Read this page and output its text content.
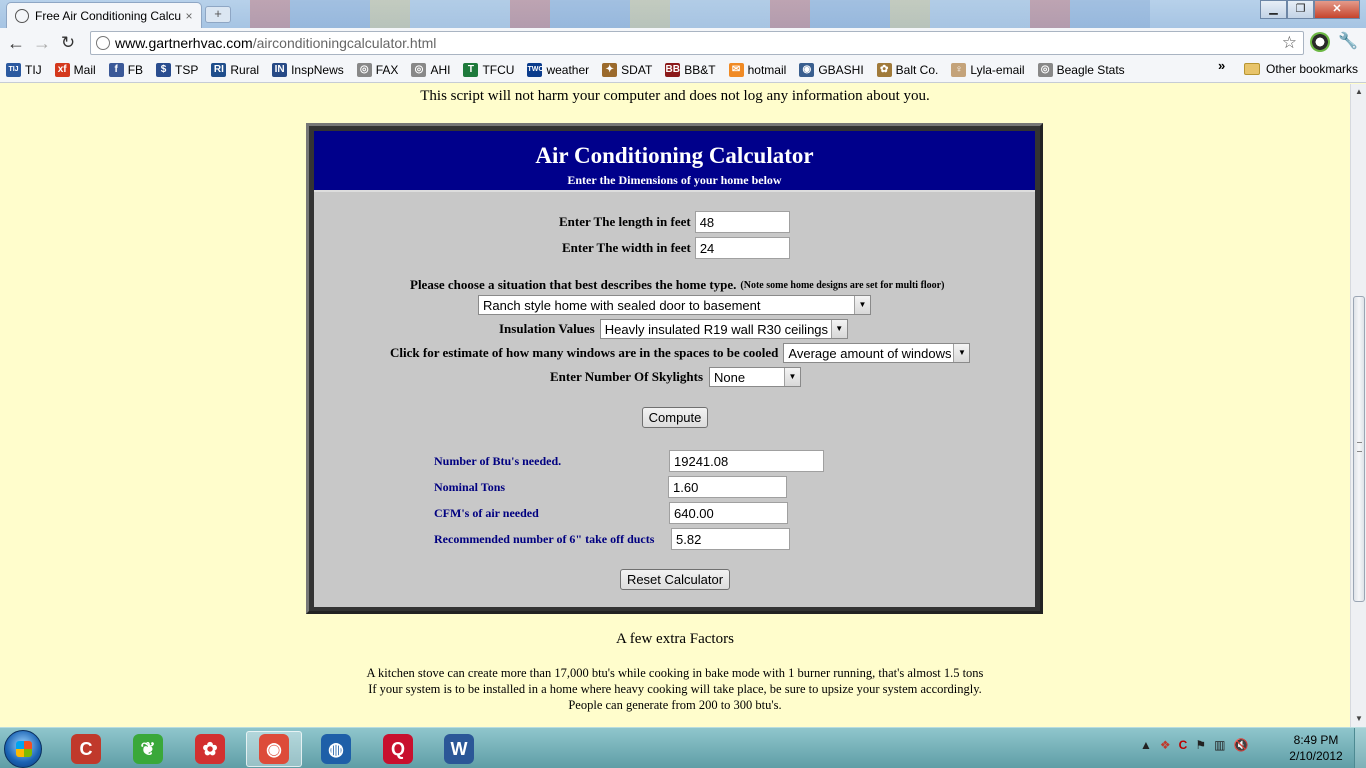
Free Air Conditioning Calcu ×	+	▁	❐	✕
← → ↻	www.gartnerhvac.com /airconditioningcalculator.html	☆	🔧
TIJ TIJ	xf Mail	f FB	$ TSP RI Rural IN InspNews	◎ FAX	◎ AHI	T TFCU TWC weather	✦ SDAT BB BB&T	✉ hotmail	◉ GBASHI	✿ Balt Co.	♀ Lyla-email	◎ Beagle Stats	»	Other bookmarks
This script will not harm your computer and does not log any information about you.
Air Conditioning Calculator
Enter the Dimensions of your home below
Enter The length in feet 48
Enter The width in feet 24
Please choose a situation that best describes the home type. (Note some home designs are set for multi floor)
Ranch style home with sealed door to basement	▼
Insulation Values Heavly insulated R19 wall R30 ceilings ▼
Click for estimate of how many windows are in the spaces to be cooled Average amount of windows ▼
Enter Number Of Skylights None	▼
Compute
Number of Btu's needed.	19241.08
Nominal Tons	1.60
CFM's of air needed	640.00
Recommended number of 6" take off ducts	5.82
Reset Calculator
A few extra Factors
A kitchen stove can create more than 17,000 btu's while cooking in bake mode with 1 burner running, that's almost 1.5 tons
If your system is to be installed in a home where heavy cooking will take place, be sure to upsize your system accordingly.
People can generate from 200 to 300 btu's.
▲
▼
▲ ❖ C ⚑ ▥ 🔇	8:49 PM
2/10/2012
C	❦	✿	◉	◍	Q	W
